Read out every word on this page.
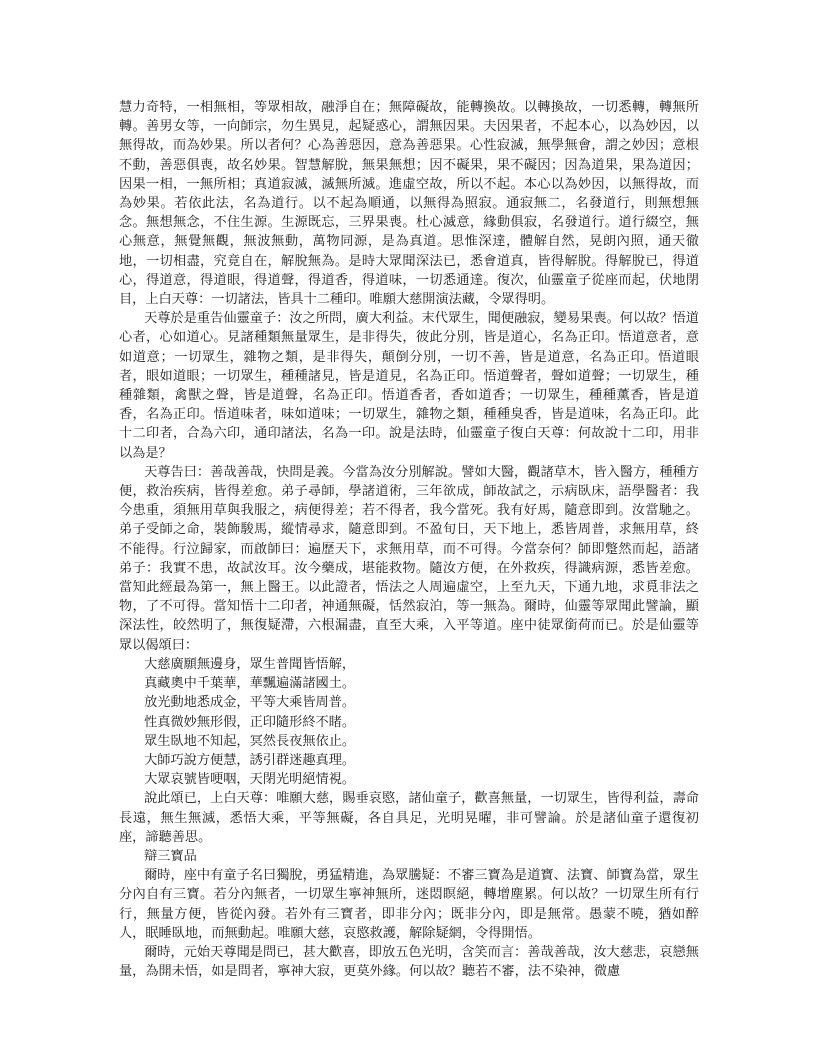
慧力奇特，一相無相，等眾相故，融淨自在；無障礙故，能轉換故。以轉換故，一切悉轉，轉無所轉。善男女等，一向師宗，勿生異見，起疑惑心，謂無因果。夫因果者，不起本心，以為妙因，以無得故，而為妙果。所以者何？心為善惡因，意為善惡果。心性寂滅，無學無會，謂之妙因；意根不動，善惡俱喪，故名妙果。智慧解脫，無果無想；因不礙果，果不礙因；因為道果，果為道因；因果一相，一無所相；真道寂滅，滅無所滅。進虛空故，所以不起。本心以為妙因，以無得故，而為妙果。若依此法，名為道行。以不起為順通，以無得為照寂。通寂無二，名發道行，則無想無念。無想無念，不住生源。生源既忘，三界果喪。杜心滅意，緣動俱寂，名發道行。道行綴空，無心無意，無覺無觀，無波無動，萬物同源，是為真道。思惟深達，體解自然，晃朗內照，通天徹地，一切相盡，究竟自在，解脫無為。是時大眾聞深法已，悉會道真，皆得解脫。得解脫已，得道心，得道意，得道眼，得道聲，得道香，得道味，一切悉通達。復次，仙靈童子從座而起，伏地閉目，上白天尊：一切諸法，皆具十二種印。唯願大慈開演法藏，令眾得明。

天尊於是重告仙靈童子：汝之所問，廣大利益。末代眾生，聞便融寂，變易果喪。何以故？悟道心者，心如道心。見諸種類無量眾生，是非得失，彼此分別，皆是道心，名為正印。悟道意者，意如道意；一切眾生，雜物之類，是非得失，顛倒分別，一切不善，皆是道意，名為正印。悟道眼者，眼如道眼；一切眾生，種種諸見，皆是道見，名為正印。悟道聲者，聲如道聲；一切眾生，種種雜類，禽獸之聲，皆是道聲，名為正印。悟道香者，香如道香；一切眾生，種種薰香，皆是道香，名為正印。悟道味者，味如道味；一切眾生，雜物之類，種種臭香，皆是道味，名為正印。此十二印者，合為六印，通印諸法，名為一印。說是法時，仙靈童子復白天尊：何故說十二印，用非以為是？

天尊告曰：善哉善哉，快問是義。今當為汝分別解說。譬如大醫，觀諸草木，皆入醫方，種種方便，救治疾病，皆得差愈。弟子尋師，學諸道術，三年欲成，師故試之，示病臥床，語學醫者：我今患重，須無用草與我服之，病便得差；若不得者，我今當死。我有好馬，隨意即到。汝當馳之。弟子受師之命，裝飾駿馬，縱情尋求，隨意即到。不盈旬日，天下地上，悉皆周普，求無用草，終不能得。行泣歸家，而啟師曰：遍歷天下，求無用草，而不可得。今當奈何？師即蹩然而起，語諸弟子：我實不患，故試汝耳。汝今藥成，堪能救物。隨汝方便，在外救疾，得識病源，悉皆差愈。當知此經最為第一，無上醫王。以此證者，悟法之人周遍虛空，上至九天，下通九地，求覓非法之物，了不可得。當知悟十二印者，神通無礙，恬然寂泊，等一無為。爾時，仙靈等眾聞此譬論，顯深法性，皎然明了，無復疑滯，六根漏盡，直至大乘，入平等道。座中徒眾銜荷而已。於是仙靈等眾以偈頌曰：

大慈廣願無邊身，眾生普聞皆悟解，

真藏奧中千葉華，華飄遍滿諸國土。

放光動地悉成金，平等大乘皆周普。

性真微妙無形假，正印隨形終不睹。

眾生臥地不知起，冥然長夜無依止。

大師巧說方便慧，誘引群迷趣真理。

大眾哀號皆哽咽，天閉光明絕情視。

說此頌已，上白天尊：唯願大慈，賜垂哀愍，諸仙童子，歡喜無量，一切眾生，皆得利益，壽命長遠，無生無滅，悉悟大乘，平等無礙，各自具足，光明晃曜，非可譬論。於是諸仙童子還復初座，諦聽善思。

辯三寶品

爾時，座中有童子名曰獨脫，勇猛精進，為眾騰疑：不審三寶為是道寶、法寶、師寶為當，眾生分內自有三寶。若分內無者，一切眾生寧神無所，迷悶瞑絕，轉增塵累。何以故？一切眾生所有行行，無量方便，皆從內發。若外有三寶者，即非分內；既非分內，即是無常。愚蒙不曉，猶如醉人，眠睡臥地，而無動起。唯願大慈，哀愍救護，解除疑網，令得開悟。

爾時，元始天尊聞是問已，甚大歡喜，即放五色光明，含笑而言：善哉善哉，汝大慈悲，哀戀無量，為開未悟，如是問者，寧神大寂，更莫外緣。何以故？聽若不審，法不染神，微慮
